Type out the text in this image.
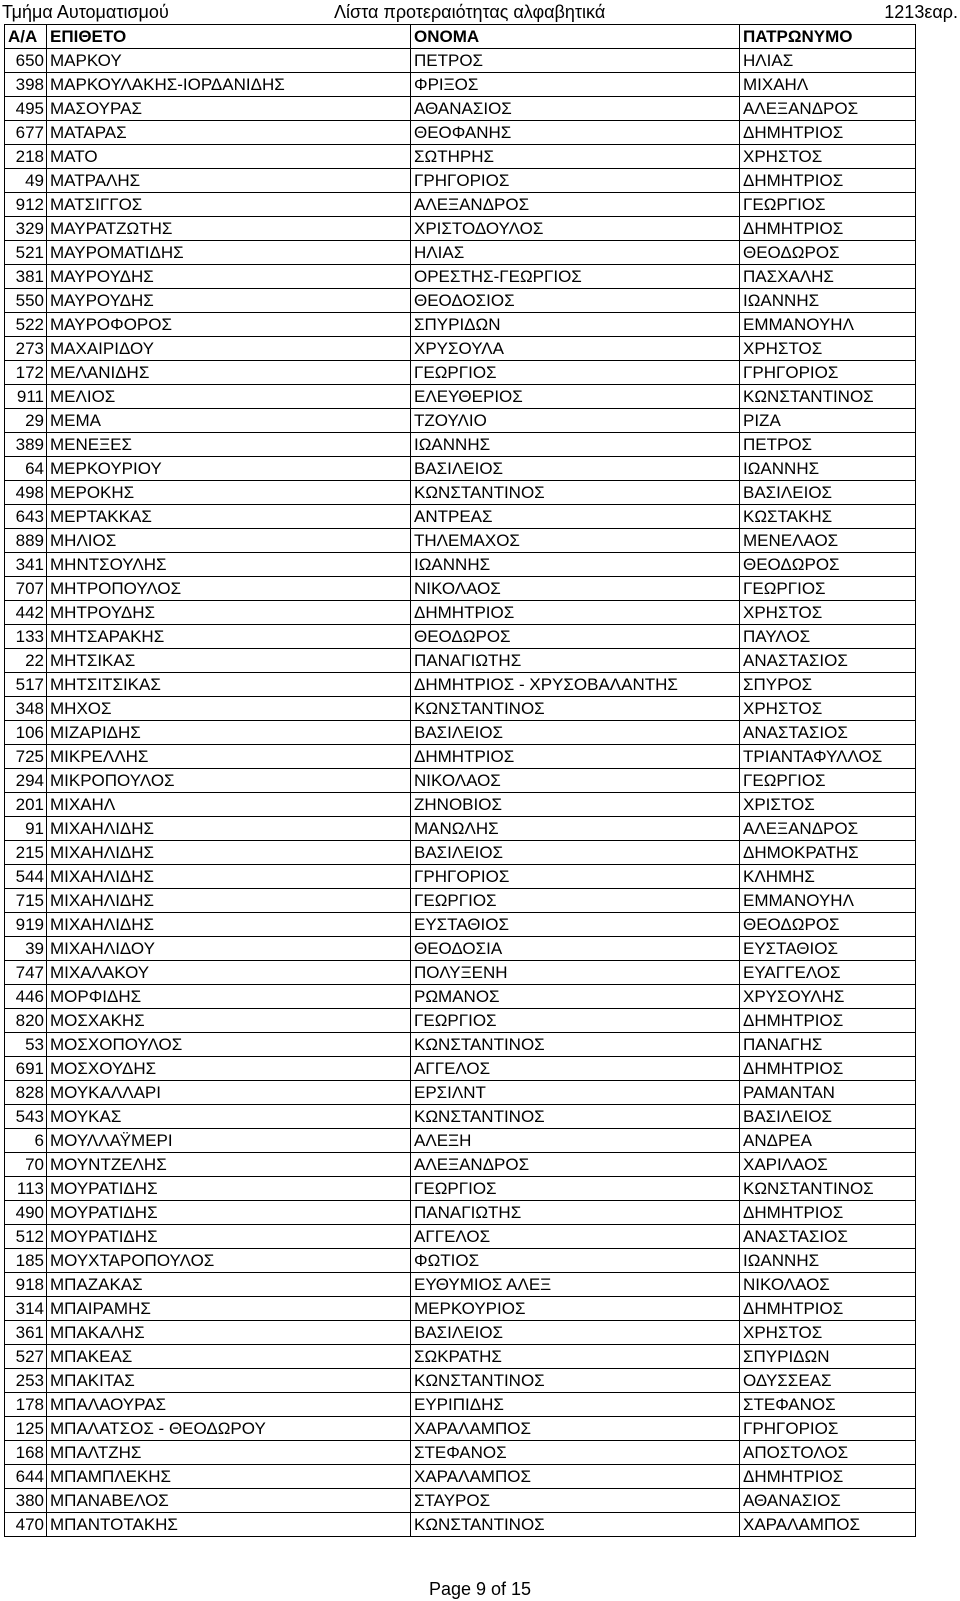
Τμήμα Αυτοματισμού	Λίστα προτεραιότητας αλφαβητικά	1213εαρ.
Α/Α	ΕΠΙΘΕΤΟ	ΟΝΟΜΑ	ΠΑΤΡΩΝΥΜΟ
650	ΜΑΡΚΟΥ	ΠΕΤΡΟΣ	ΗΛΙΑΣ
398	ΜΑΡΚΟΥΛΑΚΗΣ-ΙΟΡΔΑΝΙΔΗΣ	ΦΡΙΞΟΣ	ΜΙΧΑΗΛ
495	ΜΑΣΟΥΡΑΣ	ΑΘΑΝΑΣΙΟΣ	ΑΛΕΞΑΝΔΡΟΣ
677	ΜΑΤΑΡΑΣ	ΘΕΟΦΑΝΗΣ	ΔΗΜΗΤΡΙΟΣ
218	ΜΑΤΟ	ΣΩΤΗΡΗΣ	ΧΡΗΣΤΟΣ
49	ΜΑΤΡΑΛΗΣ	ΓΡΗΓΟΡΙΟΣ	ΔΗΜΗΤΡΙΟΣ
912	ΜΑΤΣΙΓΓΟΣ	ΑΛΕΞΑΝΔΡΟΣ	ΓΕΩΡΓΙΟΣ
329	ΜΑΥΡΑΤΖΩΤΗΣ	ΧΡΙΣΤΟΔΟΥΛΟΣ	ΔΗΜΗΤΡΙΟΣ
521	ΜΑΥΡΟΜΑΤΙΔΗΣ	ΗΛΙΑΣ	ΘΕΟΔΩΡΟΣ
381	ΜΑΥΡΟΥΔΗΣ	ΟΡΕΣΤΗΣ-ΓΕΩΡΓΙΟΣ	ΠΑΣΧΑΛΗΣ
550	ΜΑΥΡΟΥΔΗΣ	ΘΕΟΔΟΣΙΟΣ	ΙΩΑΝΝΗΣ
522	ΜΑΥΡΟΦΟΡΟΣ	ΣΠΥΡΙΔΩΝ	ΕΜΜΑΝΟΥΗΛ
273	ΜΑΧΑΙΡΙΔΟΥ	ΧΡΥΣΟΥΛΑ	ΧΡΗΣΤΟΣ
172	ΜΕΛΑΝΙΔΗΣ	ΓΕΩΡΓΙΟΣ	ΓΡΗΓΟΡΙΟΣ
911	ΜΕΛΙΟΣ	ΕΛΕΥΘΕΡΙΟΣ	ΚΩΝΣΤΑΝΤΙΝΟΣ
29	ΜΕΜΑ	ΤΖΟΥΛΙΟ	ΡΙΖΑ
389	ΜΕΝΕΞΕΣ	ΙΩΑΝΝΗΣ	ΠΕΤΡΟΣ
64	ΜΕΡΚΟΥΡΙΟΥ	ΒΑΣΙΛΕΙΟΣ	ΙΩΑΝΝΗΣ
498	ΜΕΡΟΚΗΣ	ΚΩΝΣΤΑΝΤΙΝΟΣ	ΒΑΣΙΛΕΙΟΣ
643	ΜΕΡΤΑΚΚΑΣ	ΑΝΤΡΕΑΣ	ΚΩΣΤΑΚΗΣ
889	ΜΗΛΙΟΣ	ΤΗΛΕΜΑΧΟΣ	ΜΕΝΕΛΑΟΣ
341	ΜΗΝΤΣΟΥΛΗΣ	ΙΩΑΝΝΗΣ	ΘΕΟΔΩΡΟΣ
707	ΜΗΤΡΟΠΟΥΛΟΣ	ΝΙΚΟΛΑΟΣ	ΓΕΩΡΓΙΟΣ
442	ΜΗΤΡΟΥΔΗΣ	ΔΗΜΗΤΡΙΟΣ	ΧΡΗΣΤΟΣ
133	ΜΗΤΣΑΡΑΚΗΣ	ΘΕΟΔΩΡΟΣ	ΠΑΥΛΟΣ
22	ΜΗΤΣΙΚΑΣ	ΠΑΝΑΓΙΩΤΗΣ	ΑΝΑΣΤΑΣΙΟΣ
517	ΜΗΤΣΙΤΣΙΚΑΣ	ΔΗΜΗΤΡΙΟΣ - ΧΡΥΣΟΒΑΛΑΝΤΗΣ	ΣΠΥΡΟΣ
348	ΜΗΧΟΣ	ΚΩΝΣΤΑΝΤΙΝΟΣ	ΧΡΗΣΤΟΣ
106	ΜΙΖΑΡΙΔΗΣ	ΒΑΣΙΛΕΙΟΣ	ΑΝΑΣΤΑΣΙΟΣ
725	ΜΙΚΡΕΛΛΗΣ	ΔΗΜΗΤΡΙΟΣ	ΤΡΙΑΝΤΑΦΥΛΛΟΣ
294	ΜΙΚΡΟΠΟΥΛΟΣ	ΝΙΚΟΛΑΟΣ	ΓΕΩΡΓΙΟΣ
201	ΜΙΧΑΗΛ	ΖΗΝΟΒΙΟΣ	ΧΡΙΣΤΟΣ
91	ΜΙΧΑΗΛΙΔΗΣ	ΜΑΝΩΛΗΣ	ΑΛΕΞΑΝΔΡΟΣ
215	ΜΙΧΑΗΛΙΔΗΣ	ΒΑΣΙΛΕΙΟΣ	ΔΗΜΟΚΡΑΤΗΣ
544	ΜΙΧΑΗΛΙΔΗΣ	ΓΡΗΓΟΡΙΟΣ	ΚΛΗΜΗΣ
715	ΜΙΧΑΗΛΙΔΗΣ	ΓΕΩΡΓΙΟΣ	ΕΜΜΑΝΟΥΗΛ
919	ΜΙΧΑΗΛΙΔΗΣ	ΕΥΣΤΑΘΙΟΣ	ΘΕΟΔΩΡΟΣ
39	ΜΙΧΑΗΛΙΔΟΥ	ΘΕΟΔΟΣΙΑ	ΕΥΣΤΑΘΙΟΣ
747	ΜΙΧΑΛΑΚΟΥ	ΠΟΛΥΞΕΝΗ	ΕΥΑΓΓΕΛΟΣ
446	ΜΟΡΦΙΔΗΣ	ΡΩΜΑΝΟΣ	ΧΡΥΣΟΥΛΗΣ
820	ΜΟΣΧΑΚΗΣ	ΓΕΩΡΓΙΟΣ	ΔΗΜΗΤΡΙΟΣ
53	ΜΟΣΧΟΠΟΥΛΟΣ	ΚΩΝΣΤΑΝΤΙΝΟΣ	ΠΑΝΑΓΗΣ
691	ΜΟΣΧΟΥΔΗΣ	ΑΓΓΕΛΟΣ	ΔΗΜΗΤΡΙΟΣ
828	ΜΟΥΚΑΛΛΑΡΙ	ΕΡΣΙΛΝΤ	ΡΑΜΑΝΤΑΝ
543	ΜΟΥΚΑΣ	ΚΩΝΣΤΑΝΤΙΝΟΣ	ΒΑΣΙΛΕΙΟΣ
6	ΜΟΥΛΛΑΫΜΕΡΙ	ΑΛΕΞΗ	ΑΝΔΡΕΑ
70	ΜΟΥΝΤΖΕΛΗΣ	ΑΛΕΞΑΝΔΡΟΣ	ΧΑΡΙΛΑΟΣ
113	ΜΟΥΡΑΤΙΔΗΣ	ΓΕΩΡΓΙΟΣ	ΚΩΝΣΤΑΝΤΙΝΟΣ
490	ΜΟΥΡΑΤΙΔΗΣ	ΠΑΝΑΓΙΩΤΗΣ	ΔΗΜΗΤΡΙΟΣ
512	ΜΟΥΡΑΤΙΔΗΣ	ΑΓΓΕΛΟΣ	ΑΝΑΣΤΑΣΙΟΣ
185	ΜΟΥΧΤΑΡΟΠΟΥΛΟΣ	ΦΩΤΙΟΣ	ΙΩΑΝΝΗΣ
918	ΜΠΑΖΑΚΑΣ	ΕΥΘΥΜΙΟΣ ΑΛΕΞ	ΝΙΚΟΛΑΟΣ
314	ΜΠΑΙΡΑΜΗΣ	ΜΕΡΚΟΥΡΙΟΣ	ΔΗΜΗΤΡΙΟΣ
361	ΜΠΑΚΑΛΗΣ	ΒΑΣΙΛΕΙΟΣ	ΧΡΗΣΤΟΣ
527	ΜΠΑΚΕΑΣ	ΣΩΚΡΑΤΗΣ	ΣΠΥΡΙΔΩΝ
253	ΜΠΑΚΙΤΑΣ	ΚΩΝΣΤΑΝΤΙΝΟΣ	ΟΔΥΣΣΕΑΣ
178	ΜΠΑΛΑΟΥΡΑΣ	ΕΥΡΙΠΙΔΗΣ	ΣΤΕΦΑΝΟΣ
125	ΜΠΑΛΑΤΣΟΣ - ΘΕΟΔΩΡΟΥ	ΧΑΡΑΛΑΜΠΟΣ	ΓΡΗΓΟΡΙΟΣ
168	ΜΠΑΛΤΖΗΣ	ΣΤΕΦΑΝΟΣ	ΑΠΟΣΤΟΛΟΣ
644	ΜΠΑΜΠΛΕΚΗΣ	ΧΑΡΑΛΑΜΠΟΣ	ΔΗΜΗΤΡΙΟΣ
380	ΜΠΑΝΑΒΕΛΟΣ	ΣΤΑΥΡΟΣ	ΑΘΑΝΑΣΙΟΣ
470	ΜΠΑΝΤΟΤΑΚΗΣ	ΚΩΝΣΤΑΝΤΙΝΟΣ	ΧΑΡΑΛΑΜΠΟΣ
Page 9 of 15
